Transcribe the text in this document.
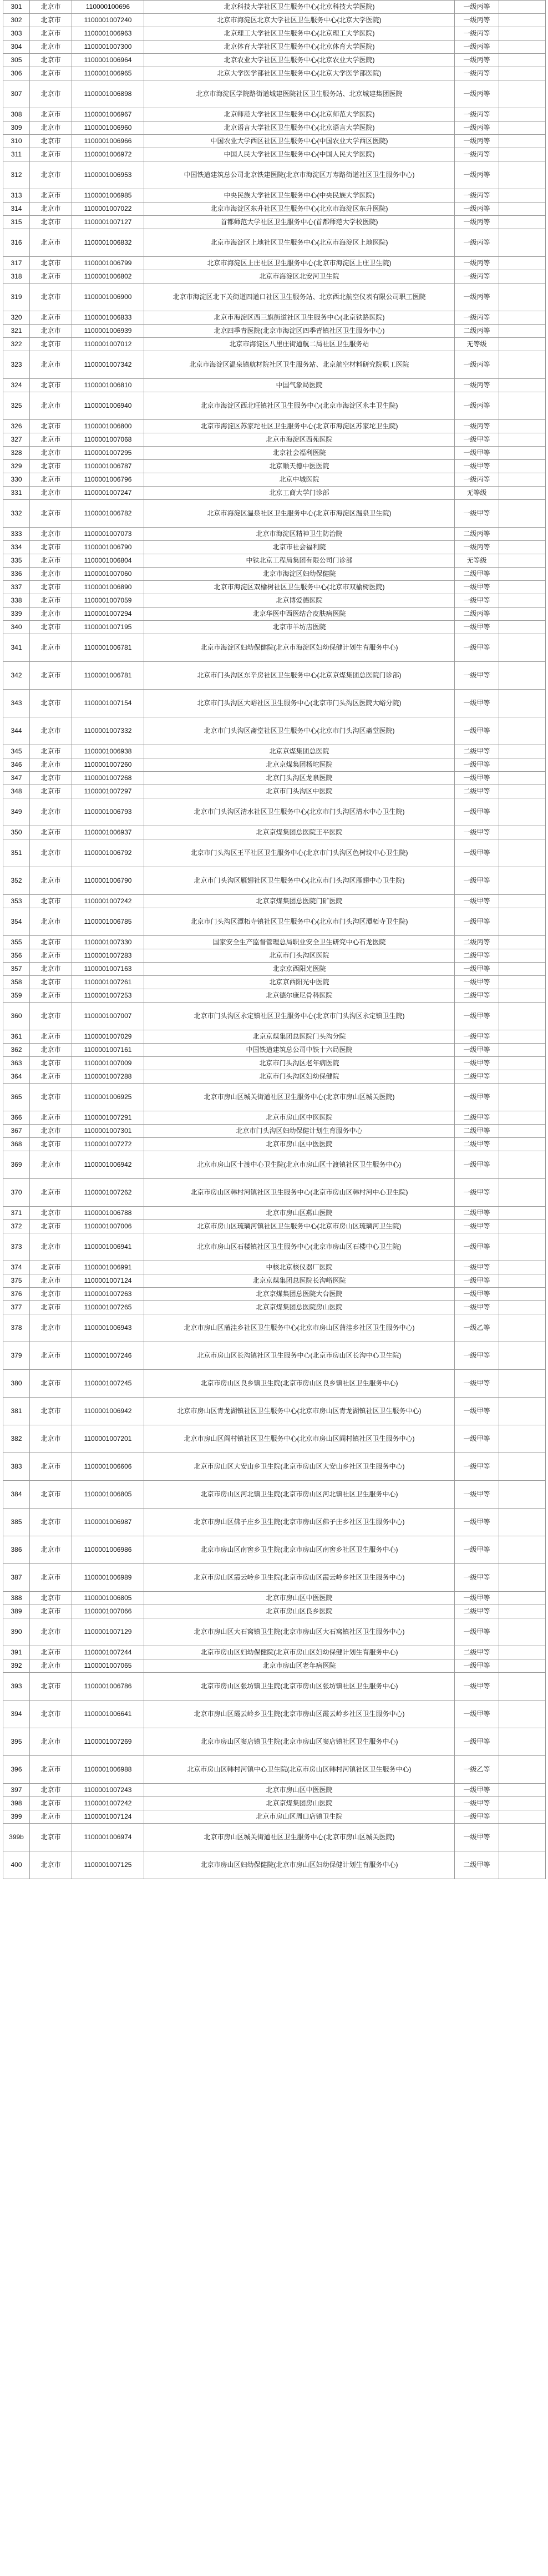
301	北京市	110000100696	北京科技大学社区卫生服务中心(北京科技大学医院)	一级丙等	
302	北京市	1100001007240	北京市海淀区北京大学社区卫生服务中心(北京大学医院)	一级丙等	
303	北京市	1100001006963	北京理工大学社区卫生服务中心(北京理工大学医院)	一级丙等	
304	北京市	1100001007300	北京体育大学社区卫生服务中心(北京体育大学医院)	一级丙等	
305	北京市	1100001006964	北京农业大学社区卫生服务中心(北京农业大学医院)	一级丙等	
306	北京市	1100001006965	北京大学医学部社区卫生服务中心(北京大学医学部医院)	一级丙等	
307	北京市	1100001006898	北京市海淀区学院路街道城建医院社区卫生服务站、北京城建集团医院	一级丙等	
308	北京市	1100001006967	北京师范大学社区卫生服务中心(北京师范大学医院)	一级丙等	
309	北京市	1100001006960	北京语言大学社区卫生服务中心(北京语言大学医院)	一级丙等	
310	北京市	1100001006966	中国农业大学西区社区卫生服务中心(中国农业大学西区医院)	一级丙等	
311	北京市	1100001006972	中国人民大学社区卫生服务中心(中国人民大学医院)	一级丙等	
312	北京市	1100001006953	中国铁道建筑总公司北京铁建医院(北京市海淀区万寿路街道社区卫生服务中心)	一级丙等	
313	北京市	1100001006985	中央民族大学社区卫生服务中心(中央民族大学医院)	一级丙等	
314	北京市	1100001007022	北京市海淀区东升社区卫生服务中心(北京市海淀区东升医院)	一级丙等	
315	北京市	1100001007127	首都师范大学社区卫生服务中心(首都师范大学校医院)	一级丙等	
316	北京市	1100001006832	北京市海淀区上地社区卫生服务中心(北京市海淀区上地医院)	一级丙等	
317	北京市	1100001006799	北京市海淀区上庄社区卫生服务中心(北京市海淀区上庄卫生院)	一级丙等	
318	北京市	1100001006802	北京市海淀区北安河卫生院	一级丙等	
319	北京市	1100001006900	北京市海淀区北下关街道四道口社区卫生服务站、北京西北航空仪表有限公司职工医院	一级丙等	
320	北京市	1100001006833	北京市海淀区西三旗街道社区卫生服务中心(北京铁路医院)	一级丙等	
321	北京市	1100001006939	北京四季青医院(北京市海淀区四季青镇社区卫生服务中心)	二级丙等	
322	北京市	1100001007012	北京市海淀区八里庄街道航二局社区卫生服务站	无等级	
323	北京市	1100001007342	北京市海淀区温泉镇航材院社区卫生服务站、北京航空材料研究院职工医院	一级丙等	
324	北京市	1100001006810	中国气象局医院	一级丙等	
325	北京市	1100001006940	北京市海淀区西北旺镇社区卫生服务中心(北京市海淀区永丰卫生院)	一级丙等	
326	北京市	1100001006800	北京市海淀区苏家坨社区卫生服务中心(北京市海淀区苏家坨卫生院)	一级丙等	
327	北京市	1100001007068	北京市海淀区西苑医院	一级甲等	
328	北京市	1100001007295	北京社会福利医院	一级甲等	
329	北京市	1100001006787	北京顺天德中医医院	一级甲等	
330	北京市	1100001006796	北京中城医院	一级丙等	
331	北京市	1100001007247	北京工商大学门诊部	无等级	
332	北京市	1100001006782	北京市海淀区温泉社区卫生服务中心(北京市海淀区温泉卫生院)	一级甲等	
333	北京市	1100001007073	北京市海淀区精神卫生防治院	二级丙等	
334	北京市	1100001006790	北京市社会福利院	一级丙等	
335	北京市	1100001006804	中铁北京工程局集团有限公司门诊部	无等级	
336	北京市	1100001007060	北京市海淀区妇幼保健院	二级甲等	
337	北京市	1100001006890	北京市海淀区双榆树社区卫生服务中心(北京市双榆树医院)	一级甲等	
338	北京市	1100001007059	北京博爱德医院	一级甲等	
339	北京市	1100001007294	北京华医中西医结合皮肤病医院	二级丙等	
340	北京市	1100001007195	北京市羊坊店医院	一级甲等	
341	北京市	1100001006781	北京市海淀区妇幼保健院(北京市海淀区妇幼保健计划生育服务中心)	一级甲等	
342	北京市	1100001006781	北京市门头沟区东辛房社区卫生服务中心(北京京煤集团总医院门诊部)	一级甲等	
343	北京市	1100001007154	北京市门头沟区大峪社区卫生服务中心(北京市门头沟区医院大峪分院)	一级甲等	
344	北京市	1100001007332	北京市门头沟区斋堂社区卫生服务中心(北京市门头沟区斋堂医院)	一级甲等	
345	北京市	1100001006938	北京京煤集团总医院	二级甲等	
346	北京市	1100001007260	北京京煤集团杨坨医院	一级甲等	
347	北京市	1100001007268	北京门头沟区龙泉医院	一级甲等	
348	北京市	1100001007297	北京市门头沟区中医院	二级甲等	
349	北京市	1100001006793	北京市门头沟区清水社区卫生服务中心(北京市门头沟区清水中心卫生院)	一级甲等	
350	北京市	1100001006937	北京京煤集团总医院王平医院	一级甲等	
351	北京市	1100001006792	北京市门头沟区王平社区卫生服务中心(北京市门头沟区色树坟中心卫生院)	一级甲等	
352	北京市	1100001006790	北京市门头沟区雁翅社区卫生服务中心(北京市门头沟区雁翅中心卫生院)	一级甲等	
353	北京市	1100001007242	北京京煤集团总医院门矿医院	一级甲等	
354	北京市	1100001006785	北京市门头沟区潭柘寺镇社区卫生服务中心(北京市门头沟区潭柘寺卫生院)	一级甲等	
355	北京市	1100001007330	国家安全生产监督管理总局职业安全卫生研究中心石龙医院	二级丙等	
356	北京市	1100001007283	北京市门头沟区医院	二级甲等	
357	北京市	1100001007163	北京京西阳光医院	一级甲等	
358	北京市	1100001007261	北京京西阳光中医院	一级甲等	
359	北京市	1100001007253	北京德尔康尼骨科医院	二级甲等	
360	北京市	1100001007007	北京市门头沟区永定镇社区卫生服务中心(北京市门头沟区永定镇卫生院)	一级甲等	
361	北京市	1100001007029	北京京煤集团总医院门头沟分院	一级甲等	
362	北京市	1100001007161	中国铁道建筑总公司中铁十六局医院	一级甲等	
363	北京市	1100001007009	北京市门头沟区老年病医院	一级甲等	
364	北京市	1100001007288	北京市门头沟区妇幼保健院	二级甲等	
365	北京市	1100001006925	北京市房山区城关街道社区卫生服务中心(北京市房山区城关医院)	一级甲等	
366	北京市	1100001007291	北京市房山区中医医院	二级甲等	
367	北京市	1100001007301	北京市门头沟区妇幼保健计划生育服务中心	二级甲等	
368	北京市	1100001007272	北京市房山区中医医院	二级甲等	
369	北京市	1100001006942	北京市房山区十渡中心卫生院(北京市房山区十渡镇社区卫生服务中心)	一级甲等	
370	北京市	1100001007262	北京市房山区韩村河镇社区卫生服务中心(北京市房山区韩村河中心卫生院)	一级甲等	
371	北京市	1100001006788	北京市房山区燕山医院	二级甲等	
372	北京市	1100001007006	北京市房山区琉璃河镇社区卫生服务中心(北京市房山区琉璃河卫生院)	一级甲等	
373	北京市	1100001006941	北京市房山区石楼镇社区卫生服务中心(北京市房山区石楼中心卫生院)	一级甲等	
374	北京市	1100001006991	中核北京核仪器厂医院	一级甲等	
375	北京市	1100001007124	北京京煤集团总医院长沟峪医院	一级甲等	
376	北京市	1100001007263	北京京煤集团总医院大台医院	一级甲等	
377	北京市	1100001007265	北京京煤集团总医院房山医院	一级甲等	
378	北京市	1100001006943	北京市房山区蒲洼乡社区卫生服务中心(北京市房山区蒲洼乡社区卫生服务中心)	一级乙等	
379	北京市	1100001007246	北京市房山区长沟镇社区卫生服务中心(北京市房山区长沟中心卫生院)	一级甲等	
380	北京市	1100001007245	北京市房山区良乡镇卫生院(北京市房山区良乡镇社区卫生服务中心)	一级甲等	
381	北京市	1100001006942	北京市房山区青龙湖镇社区卫生服务中心(北京市房山区青龙湖镇社区卫生服务中心)	一级甲等	
382	北京市	1100001007201	北京市房山区阎村镇社区卫生服务中心(北京市房山区阎村镇社区卫生服务中心)	一级甲等	
383	北京市	1100001006606	北京市房山区大安山乡卫生院(北京市房山区大安山乡社区卫生服务中心)	一级甲等	
384	北京市	1100001006805	北京市房山区河北镇卫生院(北京市房山区河北镇社区卫生服务中心)	一级甲等	
385	北京市	1100001006987	北京市房山区佛子庄乡卫生院(北京市房山区佛子庄乡社区卫生服务中心)	一级甲等	
386	北京市	1100001006986	北京市房山区南窖乡卫生院(北京市房山区南窖乡社区卫生服务中心)	一级甲等	
387	北京市	1100001006989	北京市房山区霞云岭乡卫生院(北京市房山区霞云岭乡社区卫生服务中心)	一级甲等	
388	北京市	1100001006805	北京市房山区中医医院	一级甲等	
389	北京市	1100001007066	北京市房山区良乡医院	二级甲等	
390	北京市	1100001007129	北京市房山区大石窝镇卫生院(北京市房山区大石窝镇社区卫生服务中心)	一级甲等	
391	北京市	1100001007244	北京市房山区妇幼保健院(北京市房山区妇幼保健计划生育服务中心)	二级甲等	
392	北京市	1100001007065	北京市房山区老年病医院	一级甲等	
393	北京市	1100001006786	北京市房山区张坊镇卫生院(北京市房山区张坊镇社区卫生服务中心)	一级甲等	
394	北京市	1100001006641	北京市房山区霞云岭乡卫生院(北京市房山区霞云岭乡社区卫生服务中心)	一级甲等	
395	北京市	1100001007269	北京市房山区窦店镇卫生院(北京市房山区窦店镇社区卫生服务中心)	一级甲等	
396	北京市	1100001006988	北京市房山区韩村河镇中心卫生院(北京市房山区韩村河镇社区卫生服务中心)	一级乙等	
397	北京市	1100001007243	北京市房山区中医医院	一级甲等	
398	北京市	1100001007242	北京京煤集团房山医院	一级甲等	
399	北京市	1100001007124	北京市房山区周口店镇卫生院	一级甲等	
399b	北京市	1100001006974	北京市房山区城关街道社区卫生服务中心(北京市房山区城关医院)	一级甲等	
400	北京市	1100001007125	北京市房山区妇幼保健院(北京市房山区妇幼保健计划生育服务中心)	二级甲等	
